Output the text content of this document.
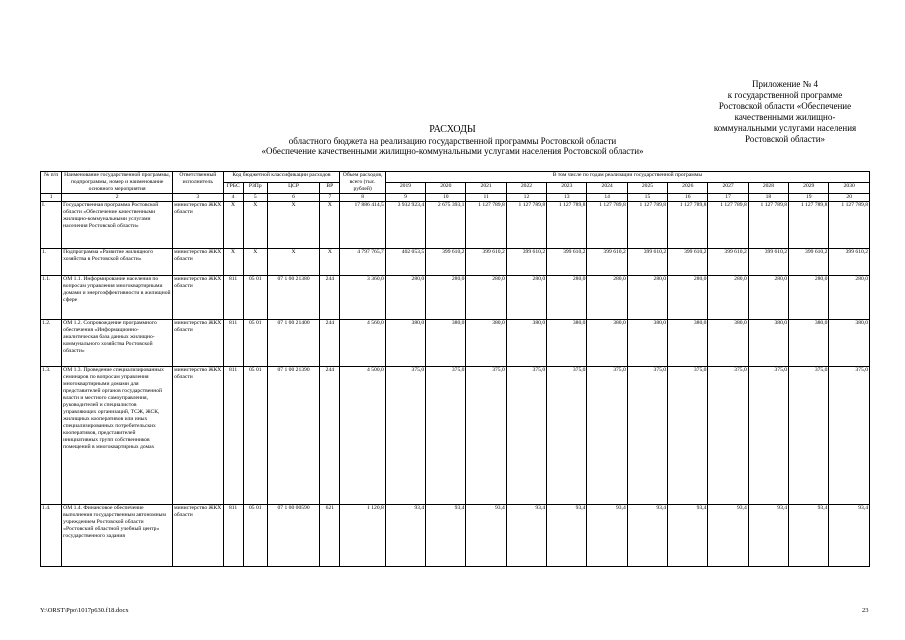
Приложение № 4
к государственной программе
Ростовской области «Обеспечение
качественными жилищно-
коммунальными услугами населения
Ростовской области»
РАСХОДЫ
областного бюджета на реализацию государственной программы Ростовской области
«Обеспечение качественными жилищно-коммунальными услугами населения Ростовской области»
№ п/п	Наименование государственной программы, подпрограммы, номер и наименование основного мероприятия	Ответственный исполнитель	Код бюджетной классификации расходов				Объем расходов, всего (тыс. рублей)	В том числе по годам реализации государственной программы											
			ГРБС	РЗПр	ЦСР	ВР		2019	2020	2021	2022	2023	2024	2025	2026	2027	2028	2029	2030
1	2	3	4	5	6	7	8	9	10	11	12	13	14	15	16	17	18	19	20
I.	Государственная программа Ростовской области «Обеспечение качественными жилищно-коммунальными услугами населения Ростовской области»	министерство ЖКХ области	Х	Х	Х	Х	17 886 414,5	3 932 923,4	2 675 393,1	1 127 789,8	1 127 789,8	1 127 789,8	1 127 789,8	1 127 789,8	1 127 789,8	1 127 789,8	1 127 789,8	1 127 789,8	1 127 789,8
1.	Подпрограмма «Развитие жилищного хозяйства в Ростовской области»	министерство ЖКХ области	Х	Х	Х	Х	4 797 765,7	402 053,5	399 610,2	399 610,2	399 610,2	399 610,2	399 610,2	399 610,2	399 610,2	399 610,2	399 610,2	399 610,2	399 610,2
1.1.	ОМ 1.1. Информирование населения по вопросам управления многоквартирными домами и энергоэффективности в жилищной сфере	министерство ЖКХ области	811	05 01	07 1 00 21380	244	3 360,0	280,0	280,0	280,0	280,0	280,0	280,0	280,0	280,0	280,0	280,0	280,0	280,0
1.2.	ОМ 1.2. Сопровождение программного обеспечения «Информационно-аналитическая база данных жилищно-коммунального хозяйства Ростовской области»	министерство ЖКХ области	811	05 01	07 1 00 21400	244	4 560,0	380,0	380,0	380,0	380,0	380,0	380,0	380,0	380,0	380,0	380,0	380,0	380,0
1.3.	ОМ 1.3. Проведение специализированных семинаров по вопросам управления многоквартирными домами для представителей органов государственной власти и местного самоуправления, руководителей и специалистов управляющих организаций, ТСЖ, ЖСК, жилищных кооперативов или иных специализированных потребительских кооперативов, представителей инициативных групп собственников помещений в многоквартирных домах	министерство ЖКХ области	811	05 01	07 1 00 21390	244	4 500,0	375,0	375,0	375,0	375,0	375,0	375,0	375,0	375,0	375,0	375,0	375,0	375,0
1.4.	ОМ 1.4. Финансовое обеспечение выполнения государственным автономным учреждением Ростовской области «Ростовский областной учебный центр» государственного задания	министерство ЖКХ области	811	05 01	07 1 00 00590	621	1 120,8	93,4	93,4	93,4	93,4	93,4	93,4	93,4	93,4	93,4	93,4	93,4	93,4
Y:\ORST\Ppo\1017p630.f18.docx	23
